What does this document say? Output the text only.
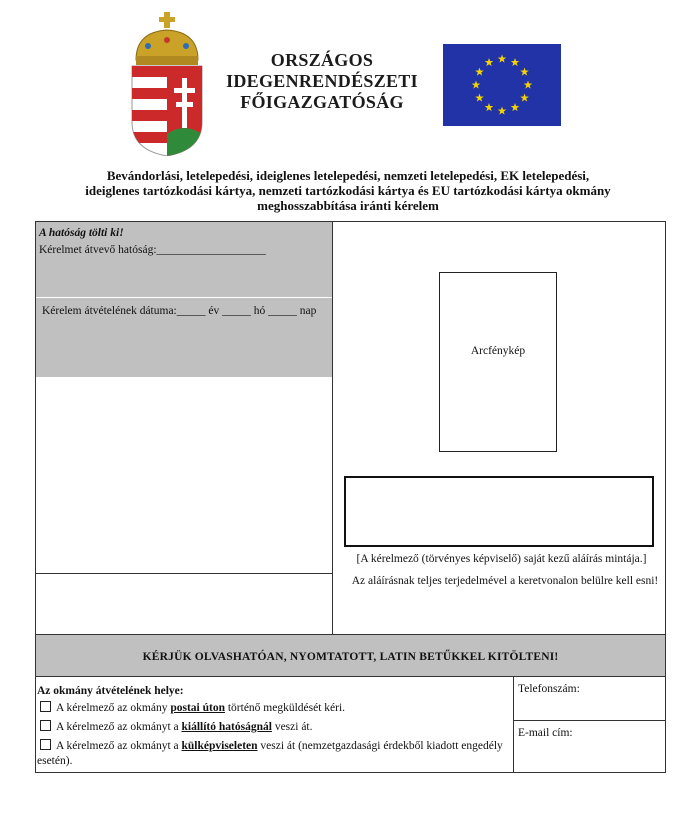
ORSZÁGOS
IDEGENRENDÉSZETI
FŐIGAZGATÓSÁG
Bevándorlási, letelepedési, ideiglenes letelepedési, nemzeti letelepedési, EK letelepedési,
ideiglenes tartózkodási kártya, nemzeti tartózkodási kártya és EU tartózkodási kártya okmány
meghosszabbítása iránti kérelem
A hatóság tölti ki!
Kérelmet átvevő hatóság:___________________
Kérelem átvételének dátuma:_____ év _____ hó _____ nap
Arcfénykép
[A kérelmező (törvényes képviselő) saját kezű aláírás mintája.]
Az aláírásnak teljes terjedelmével a keretvonalon belülre kell esni!
KÉRJÜK OLVASHATÓAN, NYOMTATOTT, LATIN BETŰKKEL KITÖLTENI!
Az okmány átvételének helye:
A kérelmező az okmány postai úton történő megküldését kéri.
A kérelmező az okmányt a kiállító hatóságnál veszi át.
A kérelmező az okmányt a külképviseleten veszi át (nemzetgazdasági érdekből kiadott engedély esetén).
Telefonszám:
E-mail cím:
